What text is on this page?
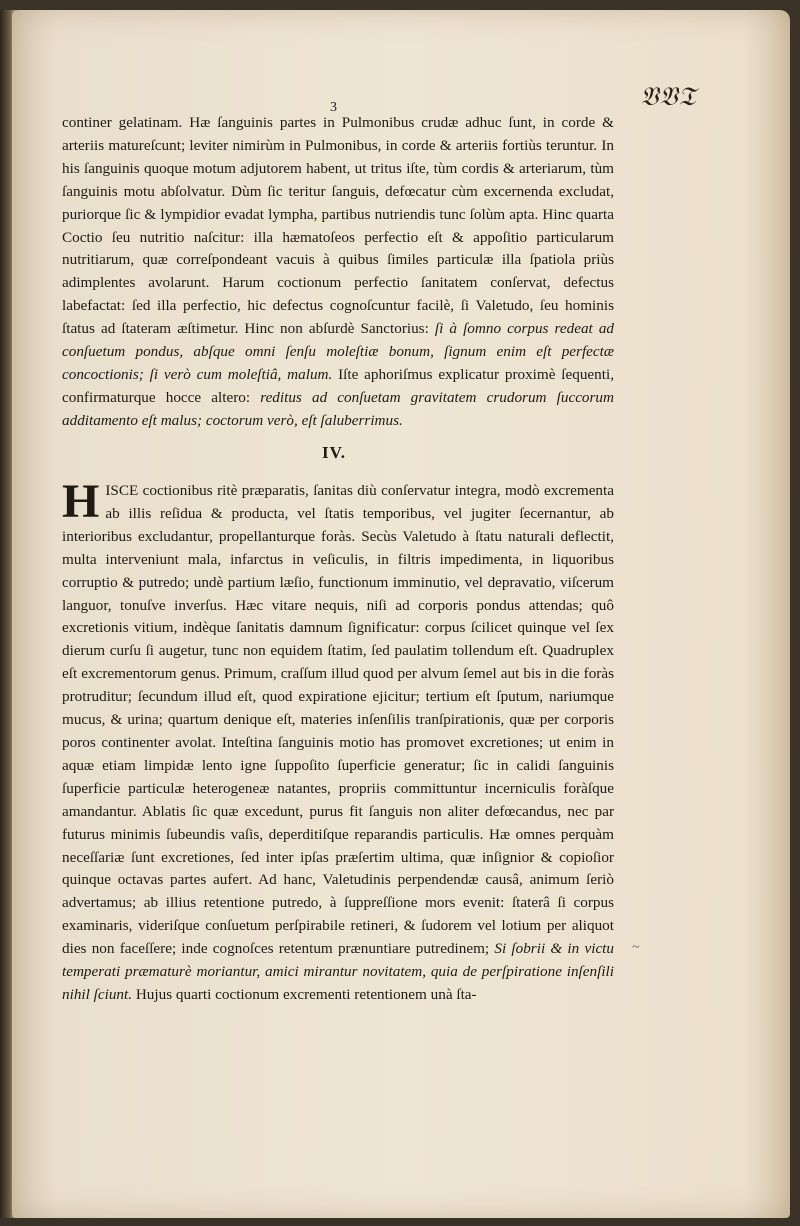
𝔙𝔙𝔗
3
continer gelatinam. Hæ ſanguinis partes in Pulmonibus crudæ adhuc ſunt, in corde & arteriis matureſcunt; leviter nimirùm in Pulmonibus, in corde & arteriis fortiùs teruntur. In his ſanguinis quoque motum adjutorem habent, ut tritus iſte, tùm cordis & arteriarum, tùm ſanguinis motu abſolvatur. Dùm ſic teritur ſanguis, defœcatur cùm excernenda excludat, puriorque ſic & lympidior evadat lympha, partibus nutriendis tunc ſolùm apta. Hinc quarta Coctio ſeu nutritio naſcitur: illa hæmatoſeos perfectio eſt & appoſitio particularum nutritiarum, quæ correſpondeant vacuis à quibus ſimiles particulæ illa ſpatiola priùs adimplentes avolarunt. Harum coctionum perfectio ſanitatem conſervat, defectus labefactat: ſed illa perfectio, hic defectus cognoſcuntur facilè, ſi Valetudo, ſeu hominis ſtatus ad ſtateram æſtimetur. Hinc non abſurdè Sanctorius: ſi à ſomno corpus redeat ad conſuetum pondus, abſque omni ſenſu moleſtiæ bonum, ſignum enim eſt perfectæ concoctionis; ſi verò cum moleſtiâ, malum. Iſte aphoriſmus explicatur proximè ſequenti, confirmaturque hocce altero: reditus ad conſuetam gravitatem crudorum ſuccorum additamento eſt malus; coctorum verò, eſt ſaluberrimus.
IV.
H ISCE coctionibus ritè præparatis, ſanitas diù conſervatur integra, modò excrementa ab illis reſidua & producta, vel ſtatis temporibus, vel jugiter ſecernantur, ab interioribus excludantur, propellanturque foràs. Secùs Valetudo à ſtatu naturali deflectit, multa interveniunt mala, infarctus in veſiculis, in filtris impedimenta, in liquoribus corruptio & putredo; undè partium læſio, functionum imminutio, vel depravatio, viſcerum languor, tonuſve inverſus. Hæc vitare nequis, niſi ad corporis pondus attendas; quô excretionis vitium, indèque ſanitatis damnum ſignificatur: corpus ſcilicet quinque vel ſex dierum curſu ſi augetur, tunc non equidem ſtatim, ſed paulatim tollendum eſt. Quadruplex eſt excrementorum genus. Primum, craſſum illud quod per alvum ſemel aut bis in die foràs protruditur; ſecundum illud eſt, quod expiratione ejicitur; tertium eſt ſputum, nariumque mucus, & urina; quartum denique eſt, materies inſenſilis tranſpirationis, quæ per corporis poros continenter avolat. Inteſtina ſanguinis motio has promovet excretiones; ut enim in aquæ etiam limpidæ lento igne ſuppoſito ſuperficie generatur; ſic in calidi ſanguinis ſuperficie particulæ heterogeneæ natantes, propriis committuntur incerniculis foràſque amandantur. Ablatis ſic quæ excedunt, purus fit ſanguis non aliter defœcandus, nec par futurus minimis ſubeundis vaſis, deperditiſque reparandis particulis. Hæ omnes perquàm neceſſariæ ſunt excretiones, ſed inter ipſas præſertim ultima, quæ inſignior & copioſior quinque octavas partes aufert. Ad hanc, Valetudinis perpendendæ causâ, animum ſeriò advertamus; ab illius retentione putredo, à ſuppreſſione mors evenit: ſtaterâ ſi corpus examinaris, videriſque conſuetum perſpirabile retineri, & ſudorem vel lotium per aliquot dies non faceſſere; inde cognoſces retentum prænuntiare putredinem; Si ſobrii & in victu temperati præmaturè moriantur, amici mirantur novitatem, quia de perſpiratione inſenſili nihil ſciunt. Hujus quarti coctionum excrementi retentionem unà ſta-
~
